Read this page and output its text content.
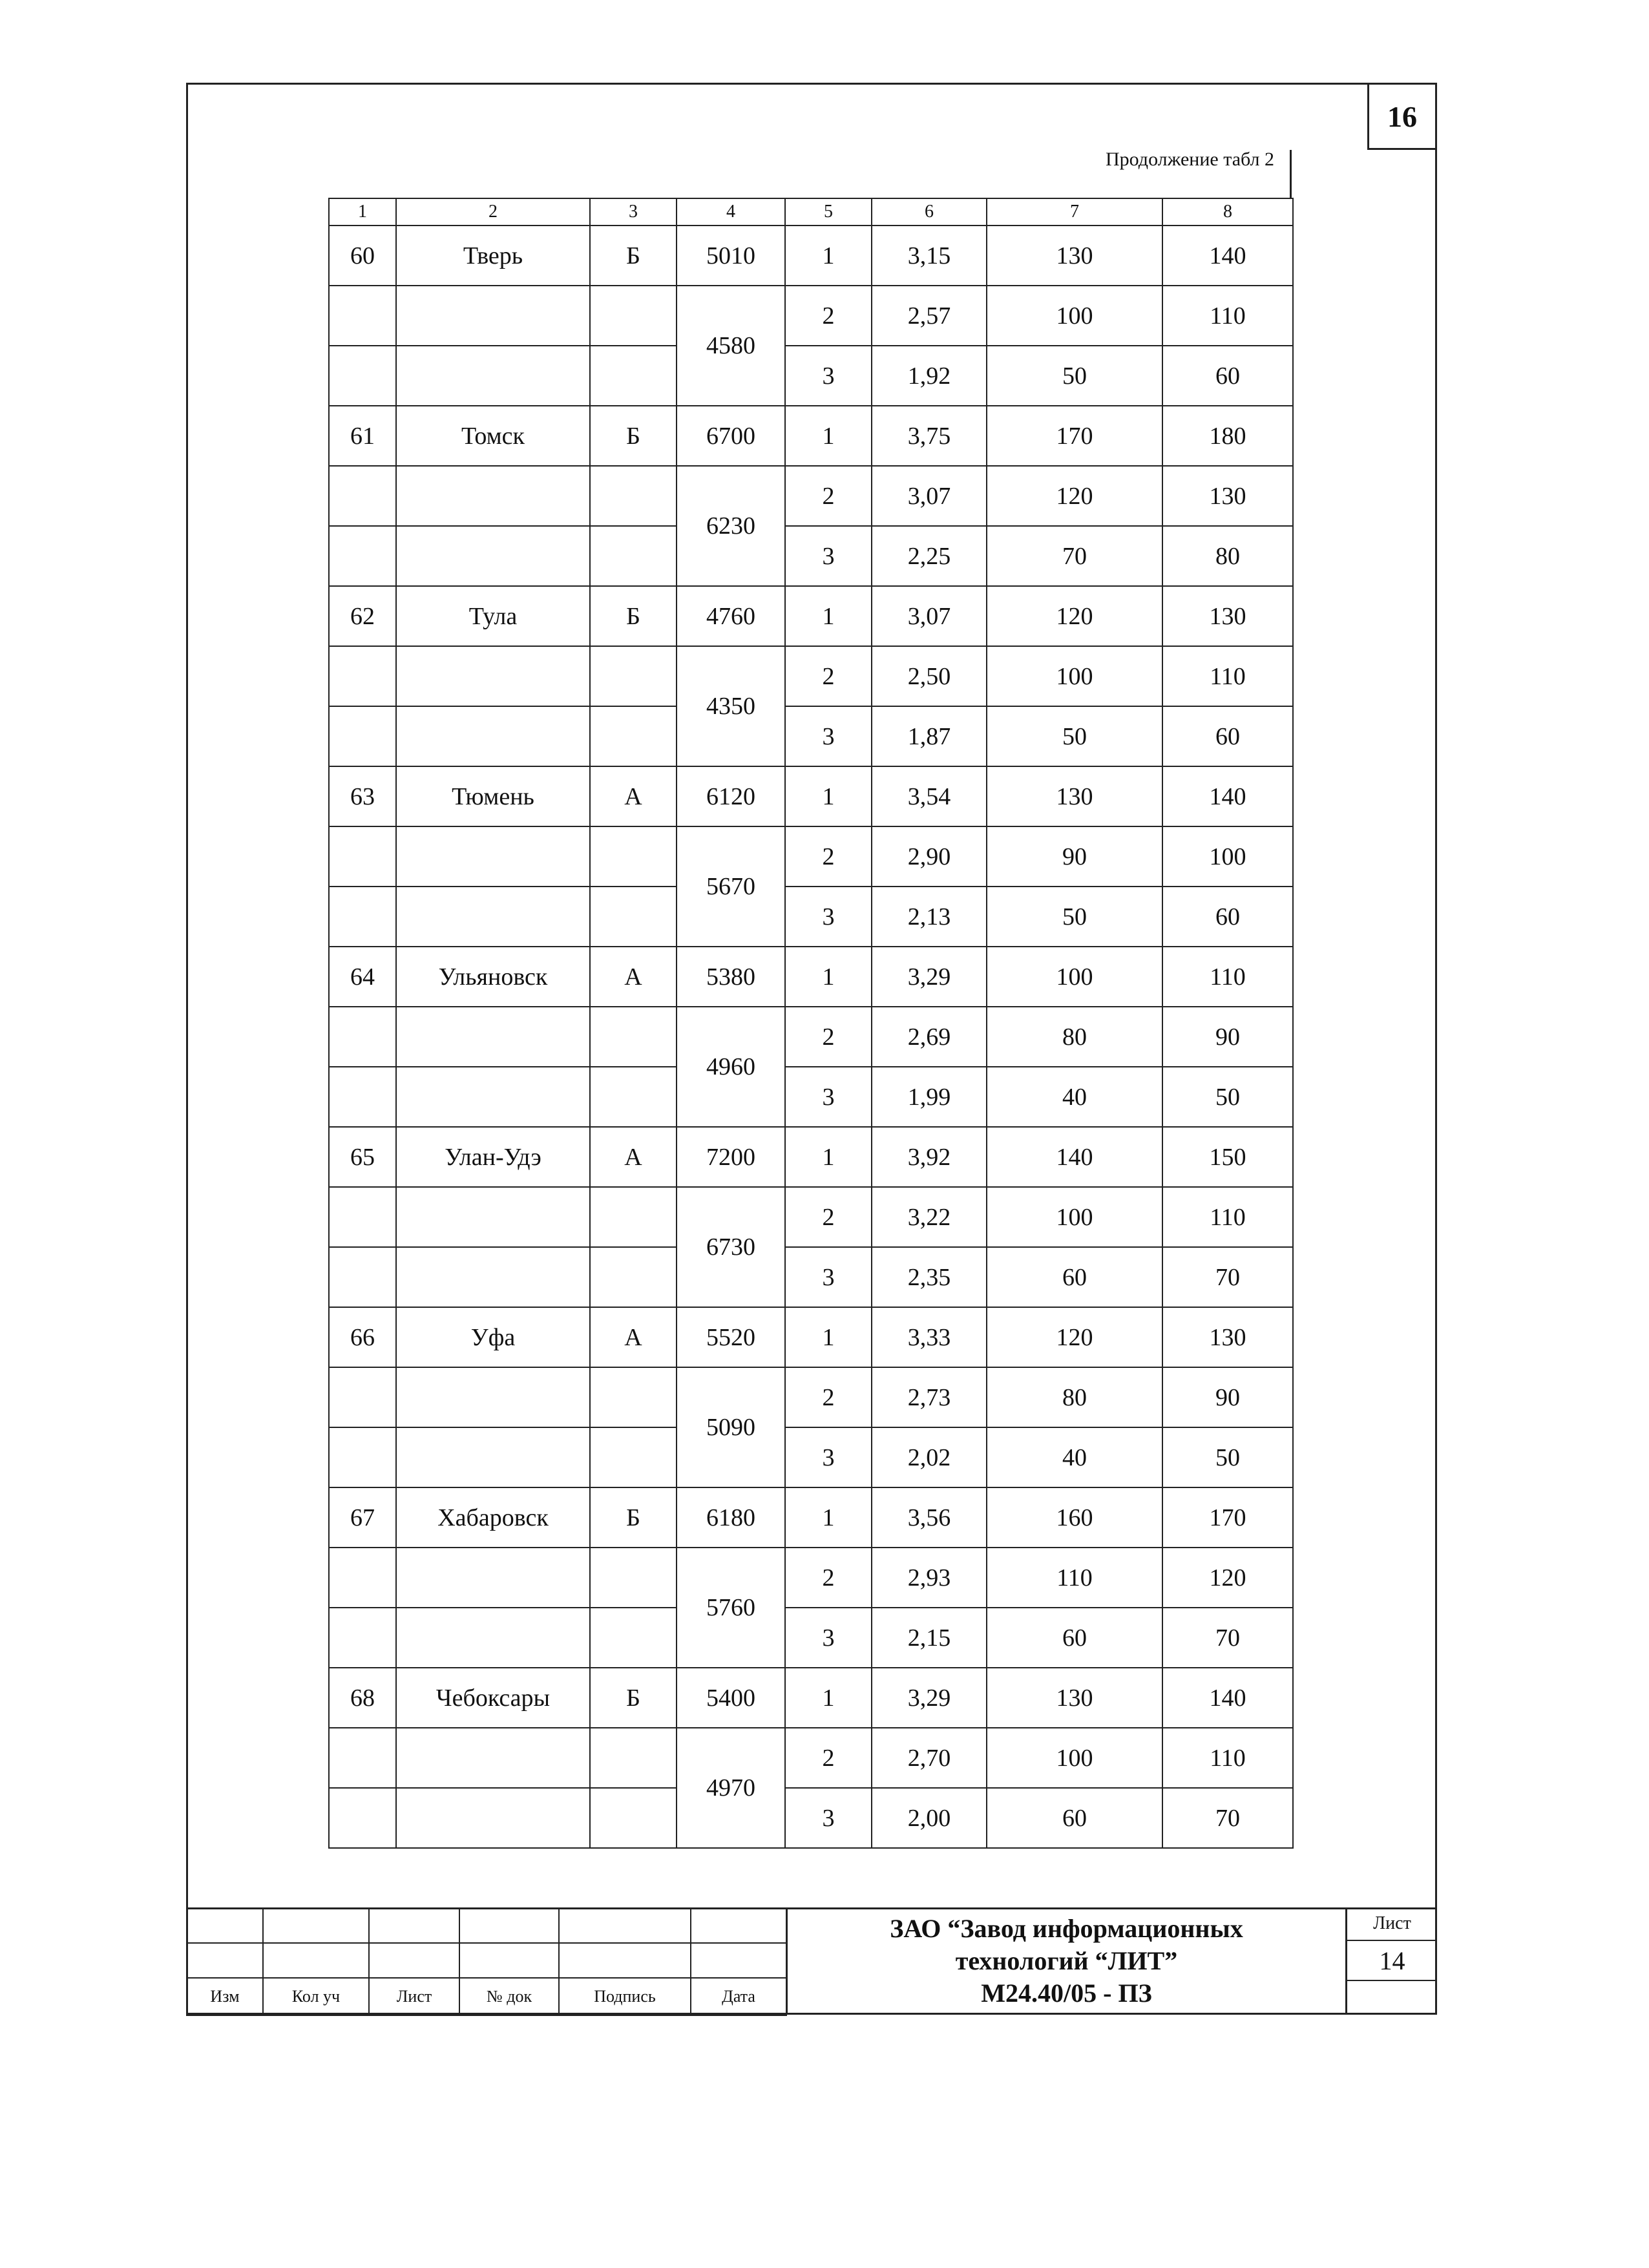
16
Продолжение табл 2
1	2	3	4	5	6	7	8
60	Тверь	Б	5010	1	3,15	130	140
			4580	2	2,57	100	110
				3	1,92	50	60
61	Томск	Б	6700	1	3,75	170	180
			6230	2	3,07	120	130
				3	2,25	70	80
62	Тула	Б	4760	1	3,07	120	130
			4350	2	2,50	100	110
				3	1,87	50	60
63	Тюмень	А	6120	1	3,54	130	140
			5670	2	2,90	90	100
				3	2,13	50	60
64	Ульяновск	А	5380	1	3,29	100	110
			4960	2	2,69	80	90
				3	1,99	40	50
65	Улан-Удэ	А	7200	1	3,92	140	150
			6730	2	3,22	100	110
				3	2,35	60	70
66	Уфа	А	5520	1	3,33	120	130
			5090	2	2,73	80	90
				3	2,02	40	50
67	Хабаровск	Б	6180	1	3,56	160	170
			5760	2	2,93	110	120
				3	2,15	60	70
68	Чебоксары	Б	5400	1	3,29	130	140
			4970	2	2,70	100	110
				3	2,00	60	70

Изм	Кол уч	Лист	№ док	Подпись	Дата
ЗАО “Завод информационных
технологий “ЛИТ”
М24.40/05 - ПЗ
Лист
14
